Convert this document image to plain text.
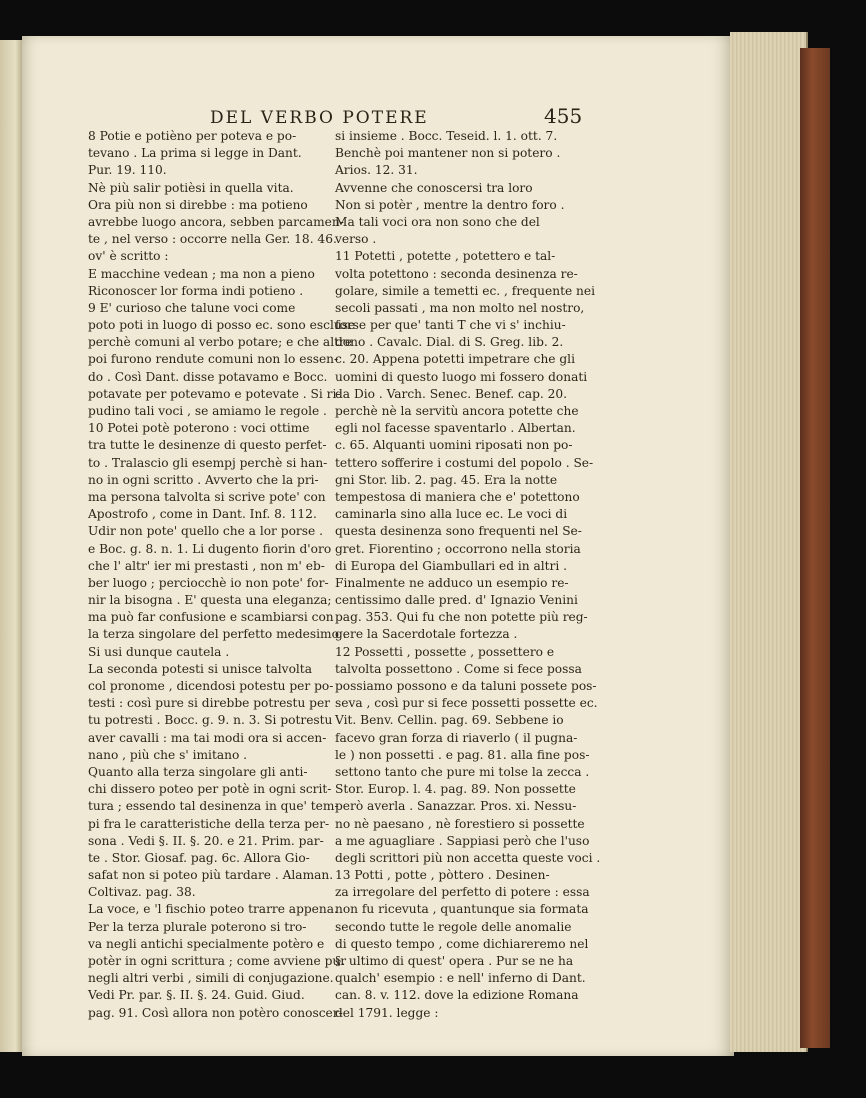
DEL VERBO POTERE	455
8 Potie e potièno per poteva e po-
tevano . La prima si legge in Dant.
Pur. 19. 110.
Nè più salir potièsi in quella vita.
Ora più non si direbbe : ma potieno
avrebbe luogo ancora, sebben parcamen-
te , nel verso : occorre nella Ger. 18. 46.
ov' è scritto :
E macchine vedean ; ma non a pieno
Riconoscer lor forma indi potieno .
9 E' curioso che talune voci come
poto poti in luogo di posso ec. sono escluse
perchè comuni al verbo potare; e che altre
poi furono rendute comuni non lo essen-
do . Così Dant. disse potavamo e Bocc.
potavate per potevamo e potevate . Si ri-
pudino tali voci , se amiamo le regole .
10 Potei potè poterono : voci ottime
tra tutte le desinenze di questo perfet-
to . Tralascio gli esempj perchè si han-
no in ogni scritto . Avverto che la pri-
ma persona talvolta si scrive pote' con
Apostrofo , come in Dant. Inf. 8. 112.
Udir non pote' quello che a lor porse .
e Boc. g. 8. n. 1. Li dugento fiorin d'oro
che l' altr' ier mi prestasti , non m' eb-
ber luogo ; perciocchè io non pote' for-
nir la bisogna . E' questa una eleganza;
ma può far confusione e scambiarsi con
la terza singolare del perfetto medesimo .
Si usi dunque cautela .
La seconda potesti si unisce talvolta
col pronome , dicendosi potestu per po-
testi : così pure si direbbe potrestu per
tu potresti . Bocc. g. 9. n. 3. Si potrestu
aver cavalli : ma tai modi ora si accen-
nano , più che s' imitano .
Quanto alla terza singolare gli anti-
chi dissero poteo per potè in ogni scrit-
tura ; essendo tal desinenza in que' tem-
pi fra le caratteristiche della terza per-
sona . Vedi §. II. §. 20. e 21. Prim. par-
te . Stor. Giosaf. pag. 6c. Allora Gio-
safat non si poteo più tardare . Alaman.
Coltivaz. pag. 38.
La voce, e 'l fischio poteo trarre appena.
Per la terza plurale poterono si tro-
va negli antichi specialmente potèro e
potèr in ogni scrittura ; come avviene pur
negli altri verbi , simili di conjugazione.
Vedi Pr. par. §. II. §. 24. Guid. Giud.
pag. 91. Così allora non potèro conoscer-
si insieme . Bocc. Teseid. l. 1. ott. 7.
Benchè poi mantener non si potero .
Arios. 12. 31.
Avvenne che conoscersi tra loro
Non si potèr , mentre la dentro foro .
Ma tali voci ora non sono che del
verso .
11 Potetti , potette , potettero e tal-
volta potettono : seconda desinenza re-
golare, simile a temetti ec. , frequente nei
secoli passati , ma non molto nel nostro,
forse per que' tanti T che vi s' inchiu-
dono . Cavalc. Dial. di S. Greg. lib. 2.
c. 20. Appena potetti impetrare che gli
uomini di questo luogo mi fossero donati
da Dio . Varch. Senec. Benef. cap. 20.
perchè nè la servitù ancora potette che
egli nol facesse spaventarlo . Albertan.
c. 65. Alquanti uomini riposati non po-
tettero sofferire i costumi del popolo . Se-
gni Stor. lib. 2. pag. 45. Era la notte
tempestosa di maniera che e' potettono
caminarla sino alla luce ec. Le voci di
questa desinenza sono frequenti nel Se-
gret. Fiorentino ; occorrono nella storia
di Europa del Giambullari ed in altri .
Finalmente ne adduco un esempio re-
centissimo dalle pred. d' Ignazio Venini
pag. 353. Qui fu che non potette più reg-
gere la Sacerdotale fortezza .
12 Possetti , possette , possettero e
talvolta possettono . Come si fece possa
possiamo possono e da taluni possete pos-
seva , così pur si fece possetti possette ec.
Vit. Benv. Cellin. pag. 69. Sebbene io
facevo gran forza di riaverlo ( il pugna-
le ) non possetti . e pag. 81. alla fine pos-
settono tanto che pure mi tolse la zecca .
Stor. Europ. l. 4. pag. 89. Non possette
però averla . Sanazzar. Pros. xi. Nessu-
no nè paesano , nè forestiero si possette
a me aguagliare . Sappiasi però che l'uso
degli scrittori più non accetta queste voci .
13 Potti , potte , pòttero . Desinen-
za irregolare del perfetto di potere : essa
non fu ricevuta , quantunque sia formata
secondo tutte le regole delle anomalie
di questo tempo , come dichiareremo nel
§. ultimo di quest' opera . Pur se ne ha
qualch' esempio : e nell' inferno di Dant.
can. 8. v. 112. dove la edizione Romana
del 1791. legge :
